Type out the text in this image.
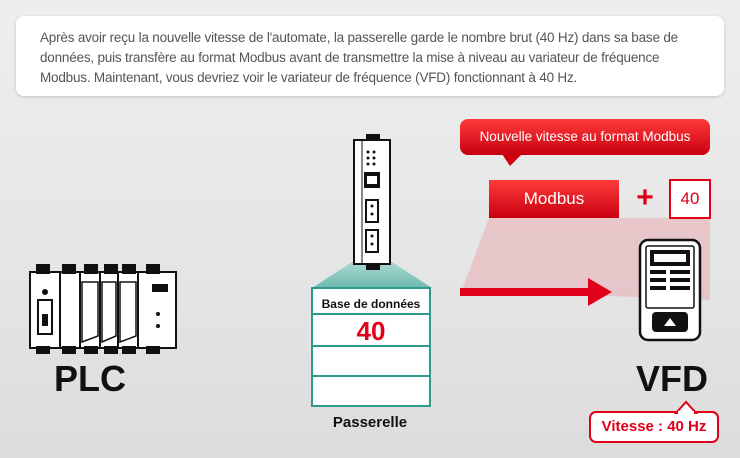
Après avoir reçu la nouvelle vitesse de l'automate, la passerelle garde le nombre brut (40 Hz) dans sa base de données, puis transfère au format Modbus avant de transmettre la mise à niveau au variateur de fréquence Modbus. Maintenant, vous devriez voir le variateur de fréquence (VFD) fonctionnant à 40 Hz.
PLC
Base de données
40
Passerelle
Nouvelle vitesse au format Modbus
Modbus	+	40
VFD
Vitesse : 40 Hz
